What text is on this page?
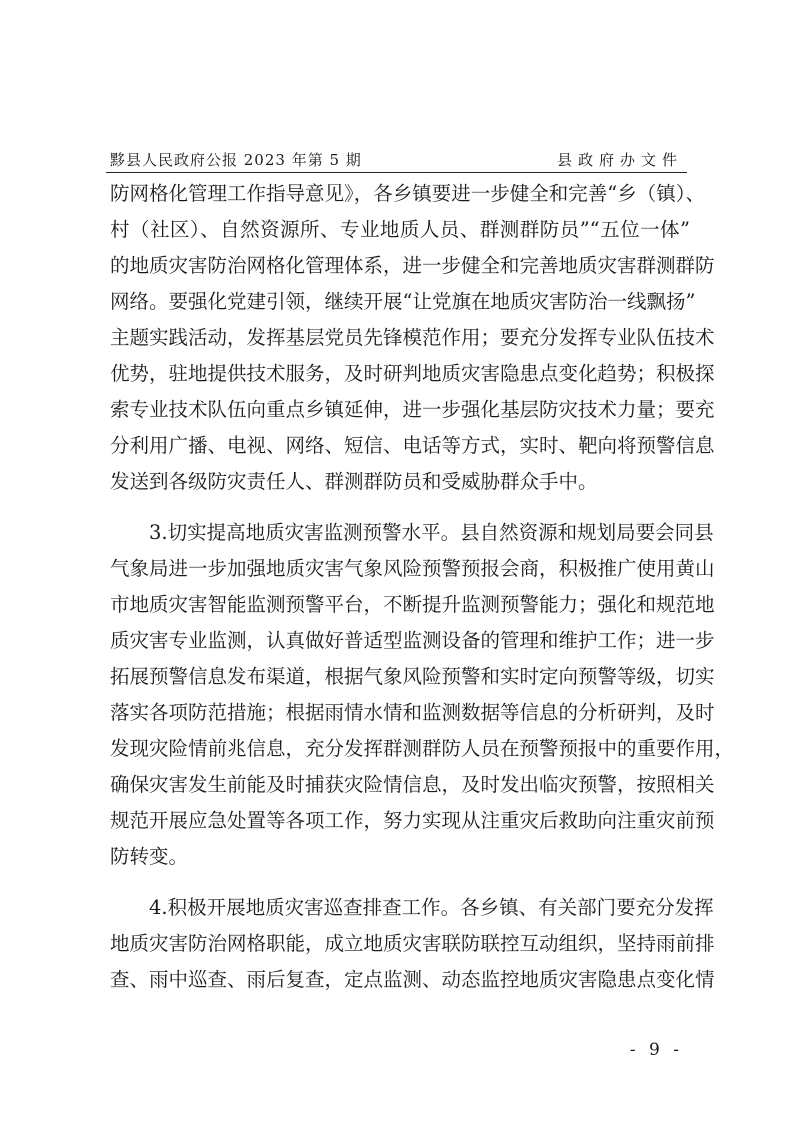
黟县人民政府公报 2023 年第 5 期	县政府办文件
防网格化管理工作指导意见》，各乡镇要进一步健全和完善“乡（镇）、
村（社区）、自然资源所、专业地质人员、群测群防员”“五位一体”
的地质灾害防治网格化管理体系，进一步健全和完善地质灾害群测群防
网络。要强化党建引领，继续开展“让党旗在地质灾害防治一线飘扬”
主题实践活动，发挥基层党员先锋模范作用；要充分发挥专业队伍技术
优势，驻地提供技术服务，及时研判地质灾害隐患点变化趋势；积极探
索专业技术队伍向重点乡镇延伸，进一步强化基层防灾技术力量；要充
分利用广播、电视、网络、短信、电话等方式，实时、靶向将预警信息
发送到各级防灾责任人、群测群防员和受威胁群众手中。
3.切实提高地质灾害监测预警水平。县自然资源和规划局要会同县
气象局进一步加强地质灾害气象风险预警预报会商，积极推广使用黄山
市地质灾害智能监测预警平台，不断提升监测预警能力；强化和规范地
质灾害专业监测，认真做好普适型监测设备的管理和维护工作；进一步
拓展预警信息发布渠道，根据气象风险预警和实时定向预警等级，切实
落实各项防范措施；根据雨情水情和监测数据等信息的分析研判，及时
发现灾险情前兆信息，充分发挥群测群防人员在预警预报中的重要作用，
确保灾害发生前能及时捕获灾险情信息，及时发出临灾预警，按照相关
规范开展应急处置等各项工作，努力实现从注重灾后救助向注重灾前预
防转变。
4.积极开展地质灾害巡查排查工作。各乡镇、有关部门要充分发挥
地质灾害防治网格职能，成立地质灾害联防联控互动组织，坚持雨前排
查、雨中巡查、雨后复查，定点监测、动态监控地质灾害隐患点变化情
- 9 -
